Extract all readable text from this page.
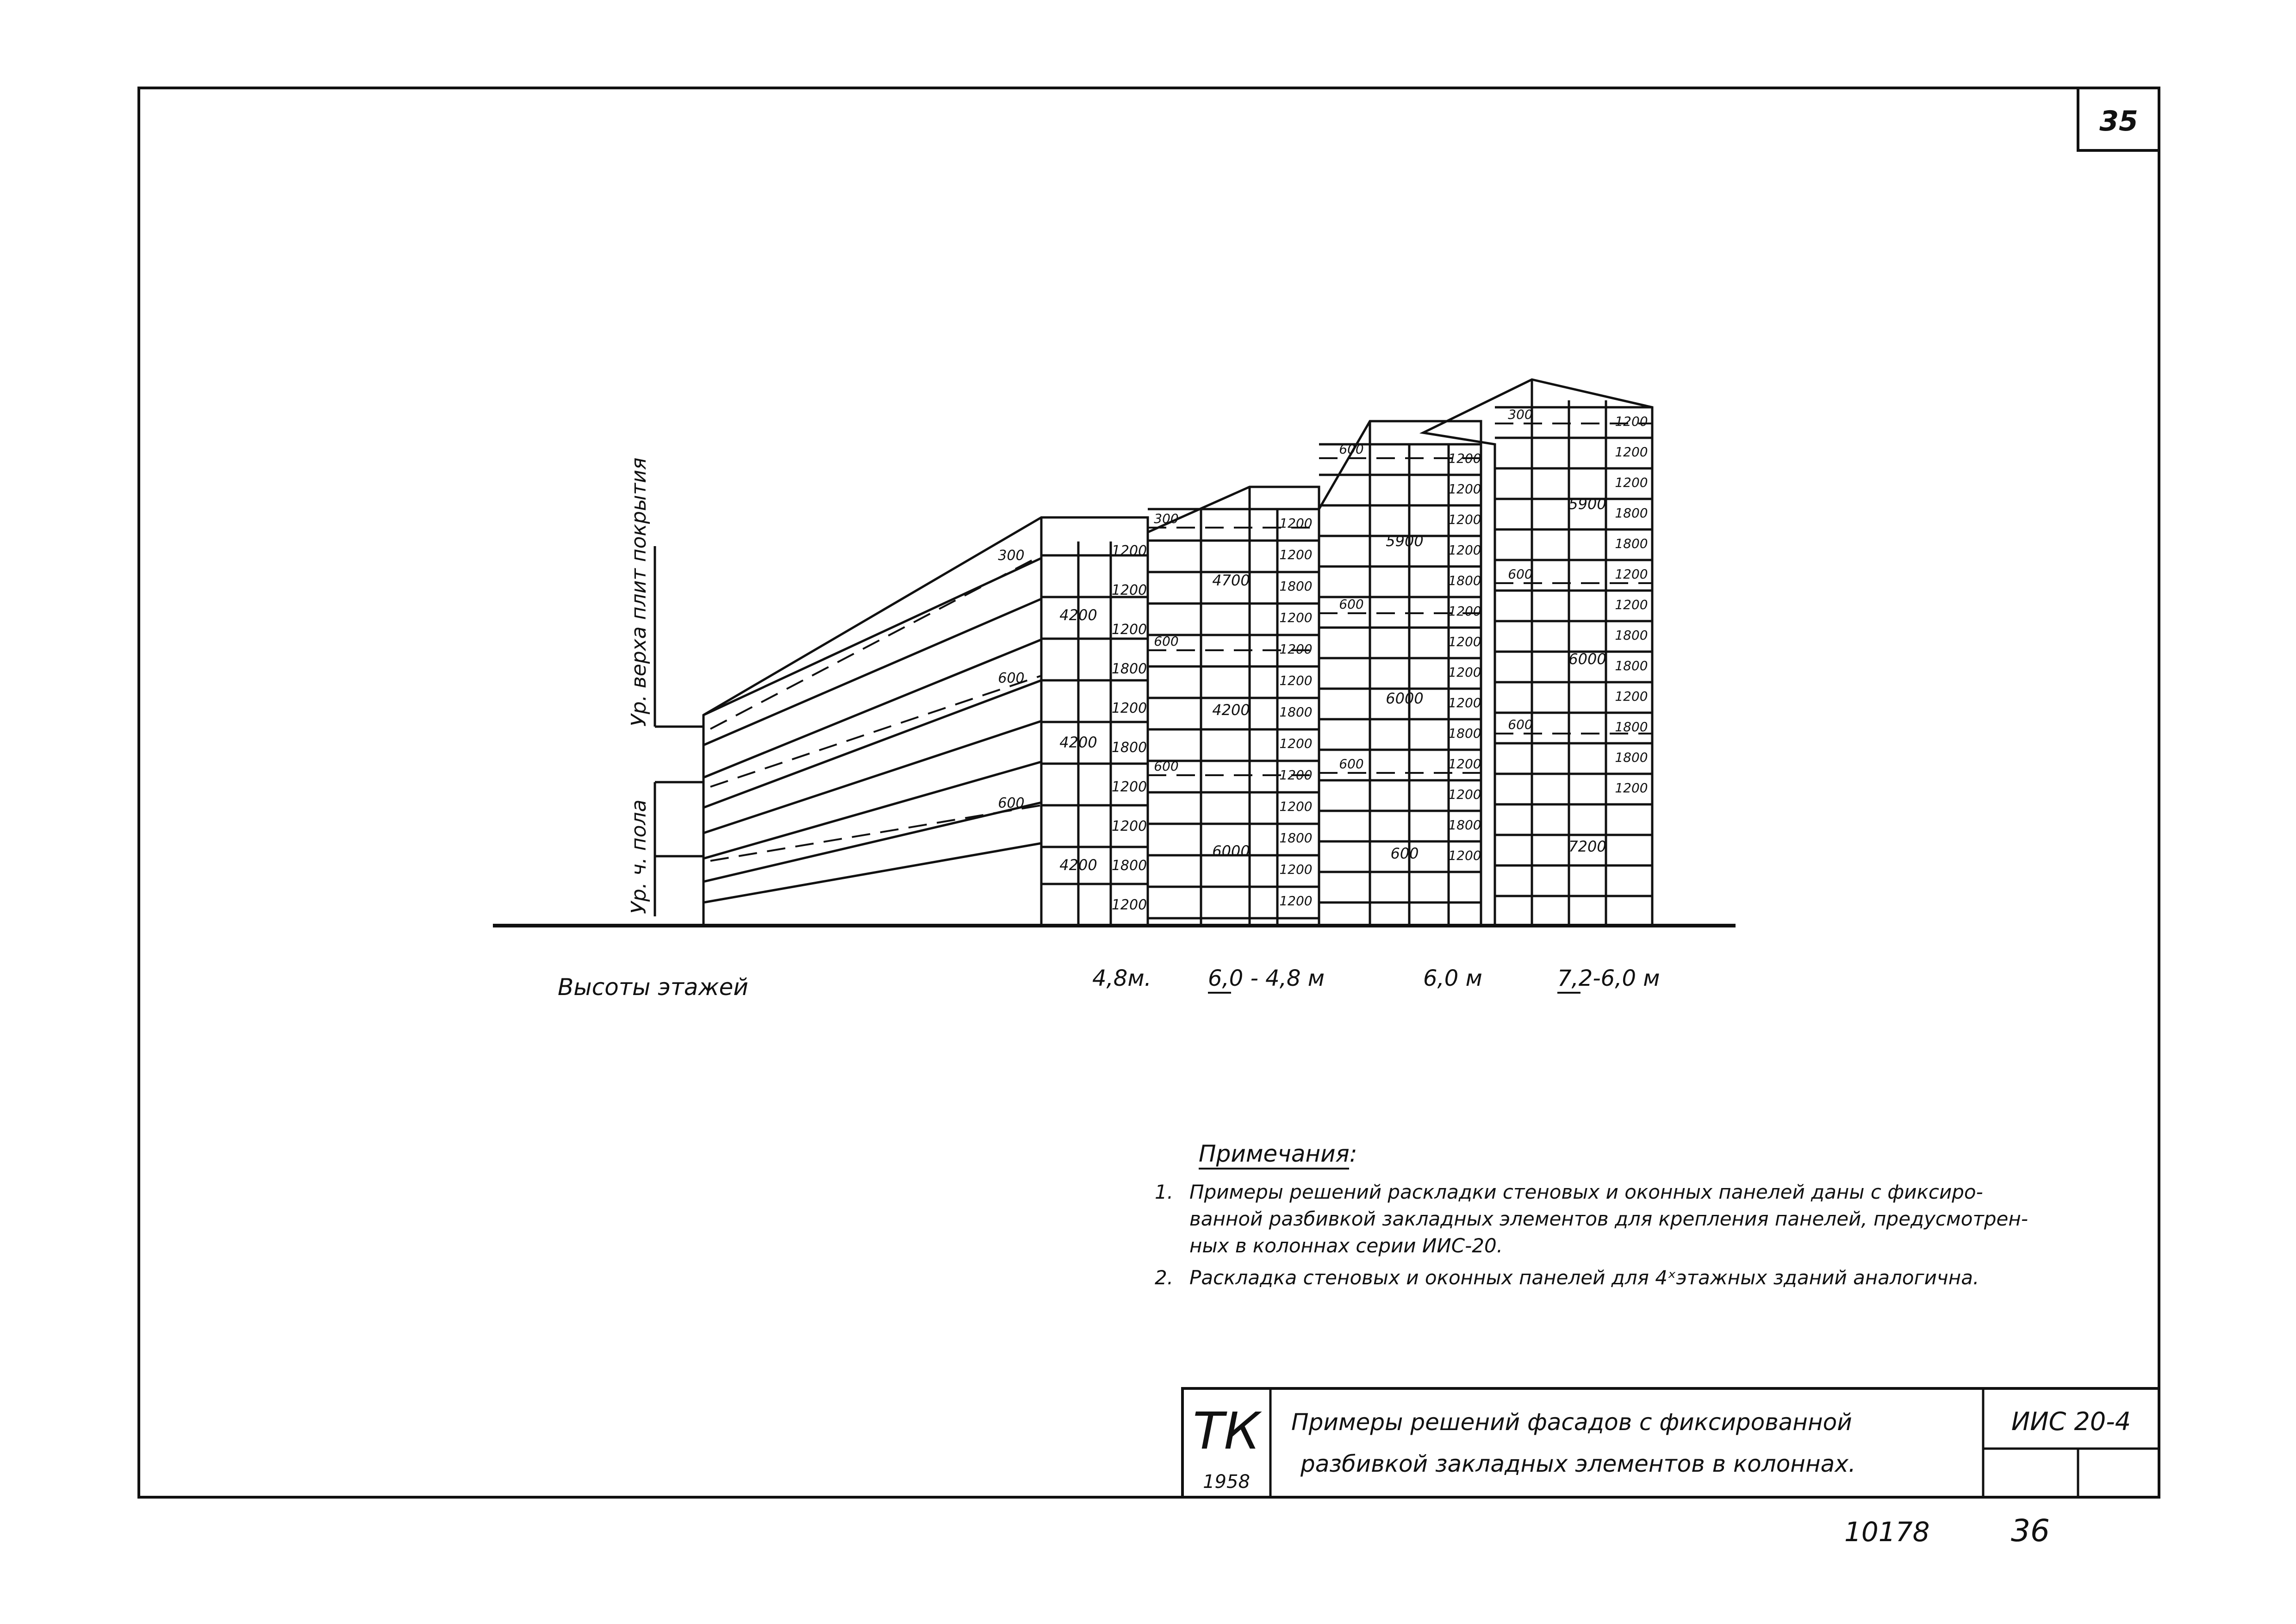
35
Ур. верха плит покрытия
Ур. ч. пола
Высоты этажей	4,8м.	6,0 - 4,8 м	6,0 м	7,2-6,0 м
Примечания:
1. Примеры решений раскладки стеновых и оконных панелей даны с фиксиро-
ванной разбивкой закладных элементов для крепления панелей, предусмотрен-
ных в колоннах серии ИИС-20.
2. Раскладка стеновых и оконных панелей для 4ˣэтажных зданий аналогична.
ТК
1958
Примеры решений фасадов с фиксированной
разбивкой закладных элементов в колоннах.
ИИС 20-4
10178	36
1200
1200
1200
1800
1200
1800
1200
1200
1800
1200
300
600
600
4200
4200
4200
1200
1200
1800
1200
1200
1200
1800
1200
1200
1200
1800
1200
1200
300
600
600
4700
4200
6000
1200
1200
1200
1200
1800
1200
1200
1200
1200
1800
1200
1200
1800
1200
600
600
600
5900
6000
600
1200
1200
1200
1800
1800
1200
1200
1800
1800
1200
1800
1800
1200
300
600
600
5900
6000
7200
